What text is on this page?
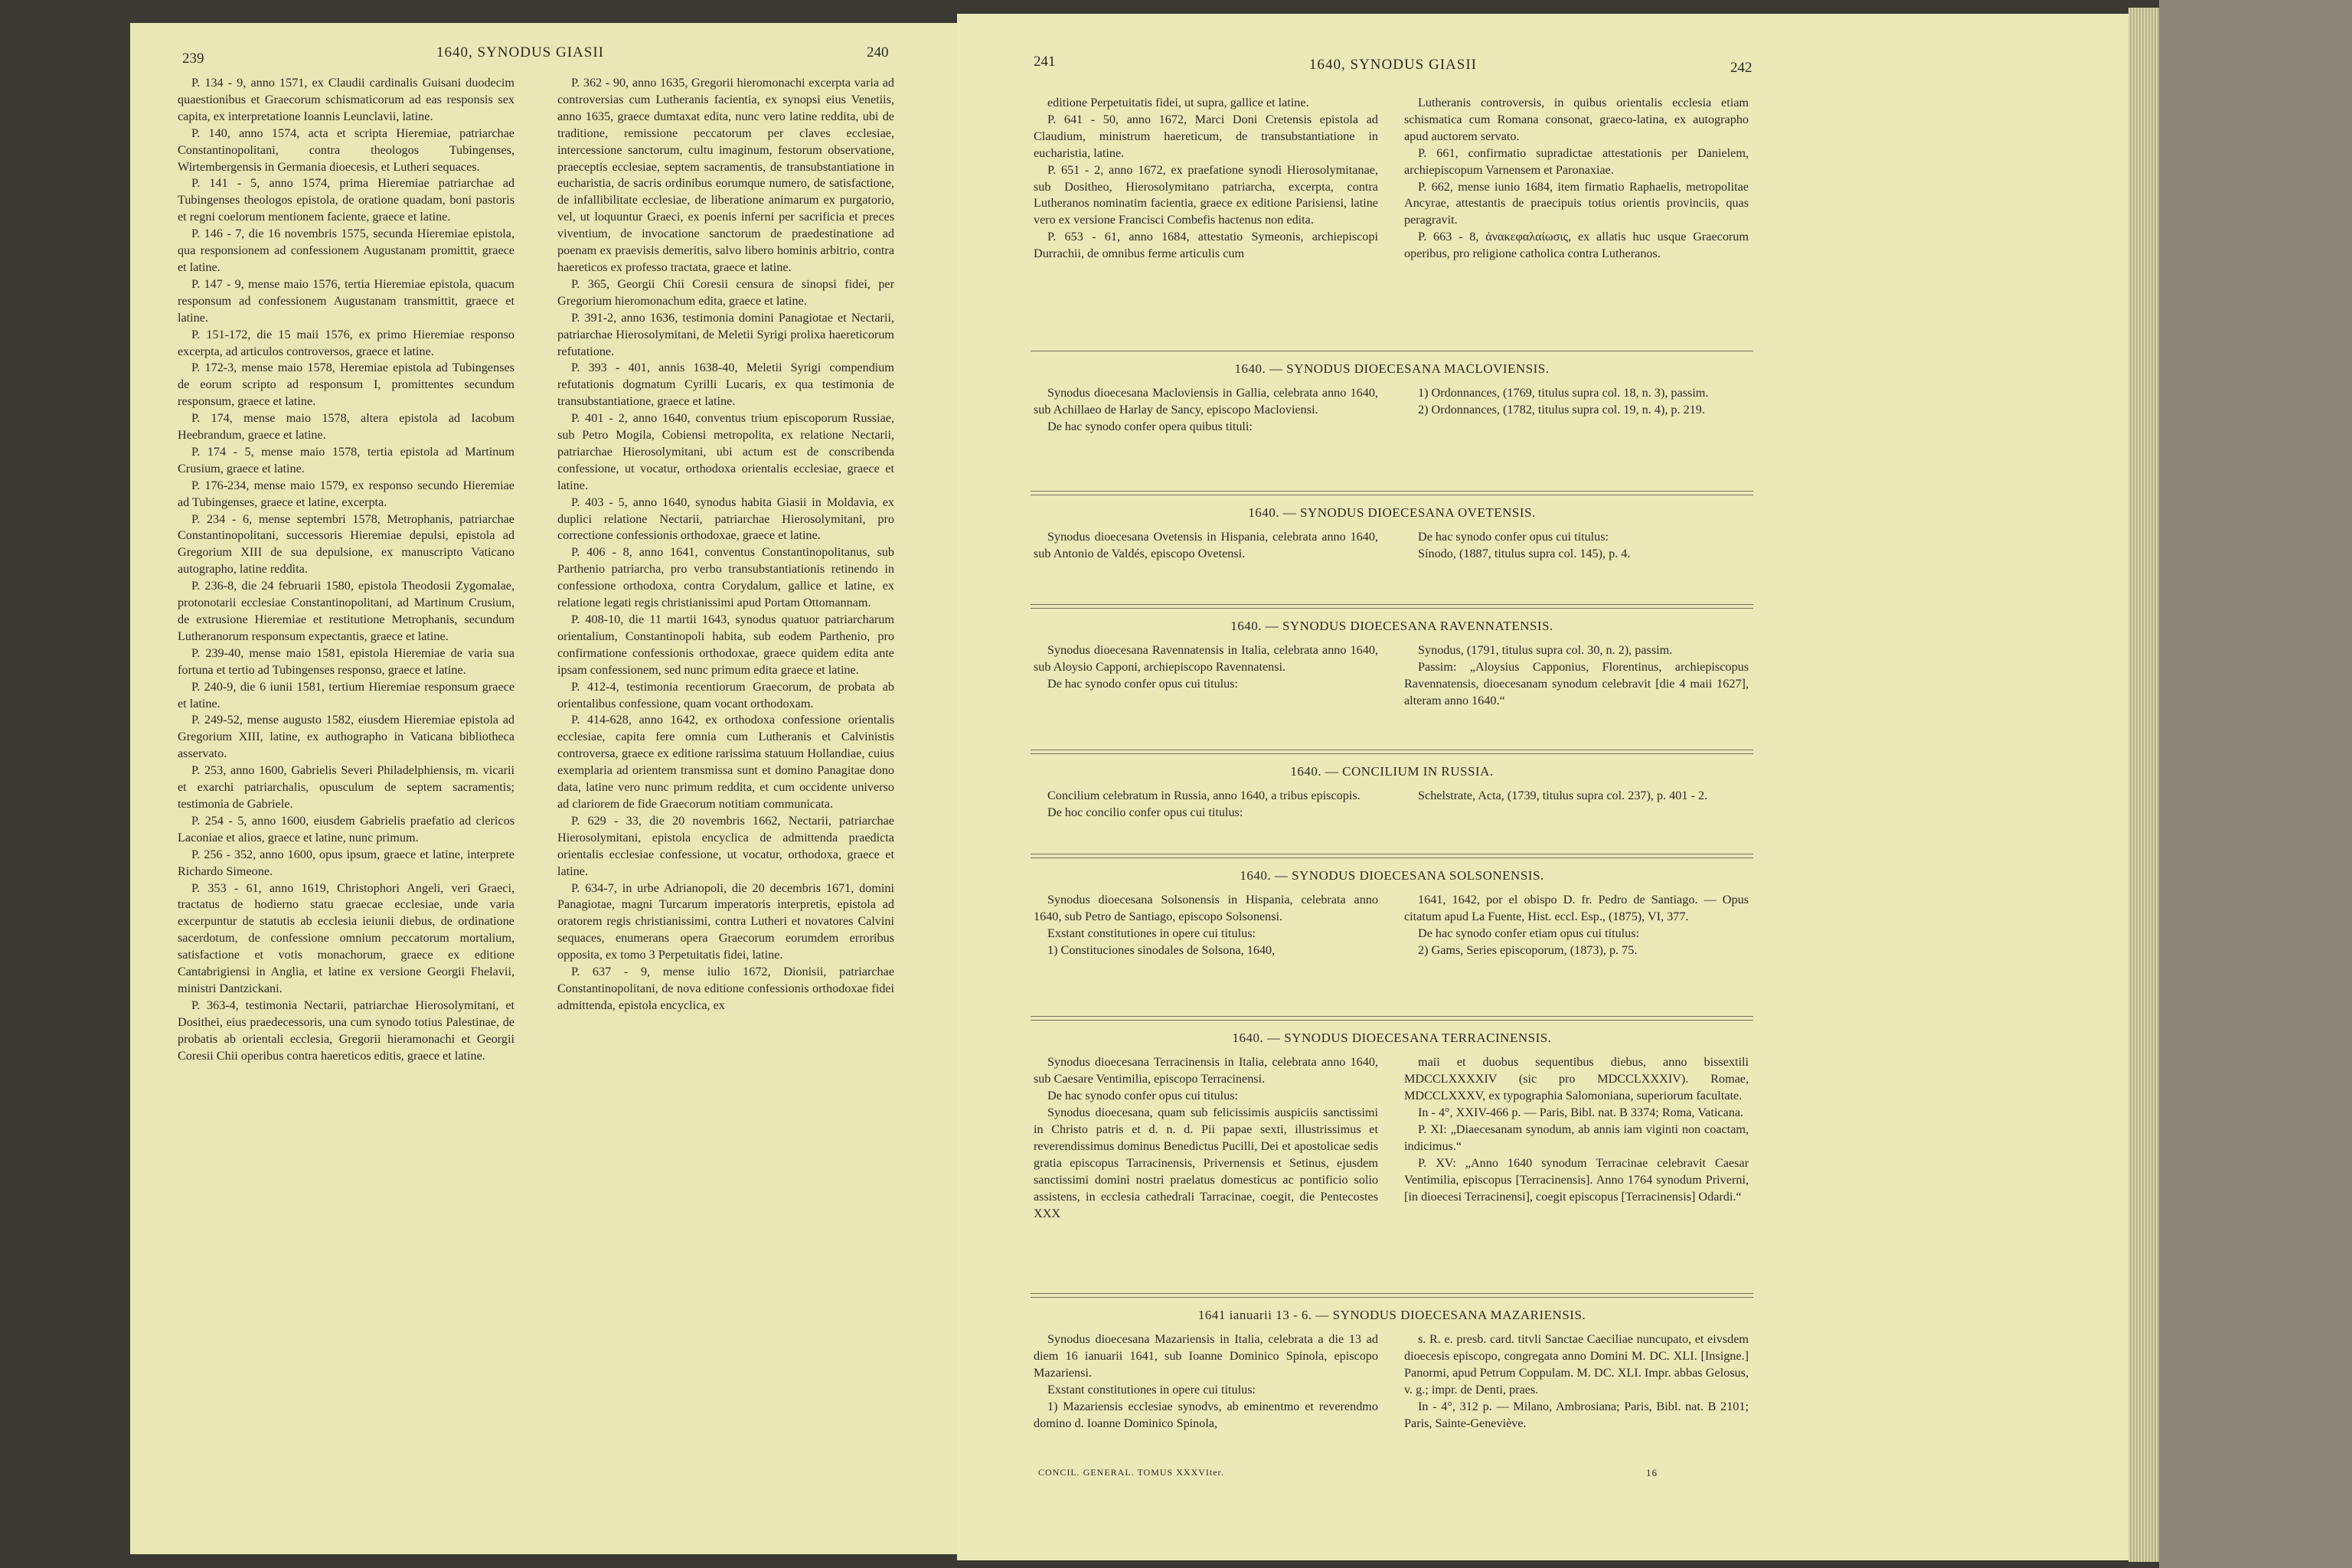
239	1640, SYNODUS GIASII	240

P. 134 - 9, anno 1571, ex Claudii cardinalis Guisani duodecim quaestionibus et Graecorum schismaticorum ad eas responsis sex capita, ex interpretatione Ioannis Leunclavii, latine.

P. 140, anno 1574, acta et scripta Hieremiae, patriarchae Constantinopolitani, contra theologos Tubingenses, Wirtembergensis in Germania dioecesis, et Lutheri sequaces.

P. 141 - 5, anno 1574, prima Hieremiae patriarchae ad Tubingenses theologos epistola, de oratione quadam, boni pastoris et regni coelorum mentionem faciente, graece et latine.

P. 146 - 7, die 16 novembris 1575, secunda Hieremiae epistola, qua responsionem ad confessionem Augustanam promittit, graece et latine.

P. 147 - 9, mense maio 1576, tertia Hieremiae epistola, quacum responsum ad confessionem Augustanam transmittit, graece et latine.

P. 151-172, die 15 maii 1576, ex primo Hieremiae responso excerpta, ad articulos controversos, graece et latine.

P. 172-3, mense maio 1578, Heremiae epistola ad Tubingenses de eorum scripto ad responsum I, promittentes secundum responsum, graece et latine.

P. 174, mense maio 1578, altera epistola ad Iacobum Heebrandum, graece et latine.

P. 174 - 5, mense maio 1578, tertia epistola ad Martinum Crusium, graece et latine.

P. 176-234, mense maio 1579, ex responso secundo Hieremiae ad Tubingenses, graece et latine, excerpta.

P. 234 - 6, mense septembri 1578, Metrophanis, patriarchae Constantinopolitani, successoris Hieremiae depulsi, epistola ad Gregorium XIII de sua depulsione, ex manuscripto Vaticano autographo, latine reddita.

P. 236-8, die 24 februarii 1580, epistola Theodosii Zygomalae, protonotarii ecclesiae Constantinopolitani, ad Martinum Crusium, de extrusione Hieremiae et restitutione Metrophanis, secundum Lutheranorum responsum expectantis, graece et latine.

P. 239-40, mense maio 1581, epistola Hieremiae de varia sua fortuna et tertio ad Tubingenses responso, graece et latine.

P. 240-9, die 6 iunii 1581, tertium Hieremiae responsum graece et latine.

P. 249-52, mense augusto 1582, eiusdem Hieremiae epistola ad Gregorium XIII, latine, ex authographo in Vaticana bibliotheca asservato.

P. 253, anno 1600, Gabrielis Severi Philadelphiensis, m. vicarii et exarchi patriarchalis, opusculum de septem sacramentis; testimonia de Gabriele.

P. 254 - 5, anno 1600, eiusdem Gabrielis praefatio ad clericos Laconiae et alios, graece et latine, nunc primum.

P. 256 - 352, anno 1600, opus ipsum, graece et latine, interprete Richardo Simeone.

P. 353 - 61, anno 1619, Christophori Angeli, veri Graeci, tractatus de hodierno statu graecae ecclesiae, unde varia excerpuntur de statutis ab ecclesia ieiunii diebus, de ordinatione sacerdotum, de confessione omnium peccatorum mortalium, satisfactione et votis monachorum, graece ex editione Cantabrigiensi in Anglia, et latine ex versione Georgii Fhelavii, ministri Dantzickani.

P. 363-4, testimonia Nectarii, patriarchae Hierosolymitani, et Dosithei, eius praedecessoris, una cum synodo totius Palestinae, de probatis ab orientali ecclesia, Gregorii hieramonachi et Georgii Coresii Chii operibus contra haereticos editis, graece et latine.

P. 362 - 90, anno 1635, Gregorii hieromonachi excerpta varia ad controversias cum Lutheranis facientia, ex synopsi eius Venetiis, anno 1635, graece dumtaxat edita, nunc vero latine reddita, ubi de traditione, remissione peccatorum per claves ecclesiae, intercessione sanctorum, cultu imaginum, festorum observatione, praeceptis ecclesiae, septem sacramentis, de transubstantiatione in eucharistia, de sacris ordinibus eorumque numero, de satisfactione, de infallibilitate ecclesiae, de liberatione animarum ex purgatorio, vel, ut loquuntur Graeci, ex poenis inferni per sacrificia et preces viventium, de invocatione sanctorum de praedestinatione ad poenam ex praevisis demeritis, salvo libero hominis arbitrio, contra haereticos ex professo tractata, graece et latine.

P. 365, Georgii Chii Coresii censura de sinopsi fidei, per Gregorium hieromonachum edita, graece et latine.

P. 391-2, anno 1636, testimonia domini Panagiotae et Nectarii, patriarchae Hierosolymitani, de Meletii Syrigi prolixa haereticorum refutatione.

P. 393 - 401, annis 1638-40, Meletii Syrigi compendium refutationis dogmatum Cyrilli Lucaris, ex qua testimonia de transubstantiatione, graece et latine.

P. 401 - 2, anno 1640, conventus trium episcoporum Russiae, sub Petro Mogila, Cobiensi metropolita, ex relatione Nectarii, patriarchae Hierosolymitani, ubi actum est de conscribenda confessione, ut vocatur, orthodoxa orientalis ecclesiae, graece et latine.

P. 403 - 5, anno 1640, synodus habita Giasii in Moldavia, ex duplici relatione Nectarii, patriarchae Hierosolymitani, pro correctione confessionis orthodoxae, graece et latine.

P. 406 - 8, anno 1641, conventus Constantinopolitanus, sub Parthenio patriarcha, pro verbo transubstantiationis retinendo in confessione orthodoxa, contra Corydalum, gallice et latine, ex relatione legati regis christianissimi apud Portam Ottomannam.

P. 408-10, die 11 martii 1643, synodus quatuor patriarcharum orientalium, Constantinopoli habita, sub eodem Parthenio, pro confirmatione confessionis orthodoxae, graece quidem edita ante ipsam confessionem, sed nunc primum edita graece et latine.

P. 412-4, testimonia recentiorum Graecorum, de probata ab orientalibus confessione, quam vocant orthodoxam.

P. 414-628, anno 1642, ex orthodoxa confessione orientalis ecclesiae, capita fere omnia cum Lutheranis et Calvinistis controversa, graece ex editione rarissima statuum Hollandiae, cuius exemplaria ad orientem transmissa sunt et domino Panagitae dono data, latine vero nunc primum reddita, et cum occidente universo ad clariorem de fide Graecorum notitiam communicata.

P. 629 - 33, die 20 novembris 1662, Nectarii, patriarchae Hierosolymitani, epistola encyclica de admittenda praedicta orientalis ecclesiae confessione, ut vocatur, orthodoxa, graece et latine.

P. 634-7, in urbe Adrianopoli, die 20 decembris 1671, domini Panagiotae, magni Turcarum imperatoris interpretis, epistola ad oratorem regis christianissimi, contra Lutheri et novatores Calvini sequaces, enumerans opera Graecorum eorumdem erroribus opposita, ex tomo 3 Perpetuitatis fidei, latine.

P. 637 - 9, mense iulio 1672, Dionisii, patriarchae Constantinopolitani, de nova editione confessionis orthodoxae fidei admittenda, epistola encyclica, ex

241	1640, SYNODUS GIASII	242

editione Perpetuitatis fidei, ut supra, gallice et latine.

P. 641 - 50, anno 1672, Marci Doni Cretensis epistola ad Claudium, ministrum haereticum, de transubstantiatione in eucharistia, latine.

P. 651 - 2, anno 1672, ex praefatione synodi Hierosolymitanae, sub Dositheo, Hierosolymitano patriarcha, excerpta, contra Lutheranos nominatim facientia, graece ex editione Parisiensi, latine vero ex versione Francisci Combefis hactenus non edita.

P. 653 - 61, anno 1684, attestatio Symeonis, archiepiscopi Durrachii, de omnibus ferme articulis cum

Lutheranis controversis, in quibus orientalis ecclesia etiam schismatica cum Romana consonat, graeco-latina, ex autographo apud auctorem servato.

P. 661, confirmatio supradictae attestationis per Danielem, archiepiscopum Varnensem et Paronaxiae.

P. 662, mense iunio 1684, item firmatio Raphaelis, metropolitae Ancyrae, attestantis de praecipuis totius orientis provinciis, quas peragravit.

P. 663 - 8, ἀνακεφαλαίωσις, ex allatis huc usque Graecorum operibus, pro religione catholica contra Lutheranos.

1640. — SYNODUS DIOECESANA MACLOVIENSIS.

Synodus dioecesana Macloviensis in Gallia, celebrata anno 1640, sub Achillaeo de Harlay de Sancy, episcopo Macloviensi.

De hac synodo confer opera quibus tituli:

1) Ordonnances, (1769, titulus supra col. 18, n. 3), passim.

2) Ordonnances, (1782, titulus supra col. 19, n. 4), p. 219.

1640. — SYNODUS DIOECESANA OVETENSIS.

Synodus dioecesana Ovetensis in Hispania, celebrata anno 1640, sub Antonio de Valdés, episcopo Ovetensi.

De hac synodo confer opus cui titulus:

Sínodo, (1887, titulus supra col. 145), p. 4.

1640. — SYNODUS DIOECESANA RAVENNATENSIS.

Synodus dioecesana Ravennatensis in Italia, celebrata anno 1640, sub Aloysio Capponi, archiepiscopo Ravennatensi.

De hac synodo confer opus cui titulus:

Synodus, (1791, titulus supra col. 30, n. 2), passim.

Passim: „Aloysius Capponius, Florentinus, archiepiscopus Ravennatensis, dioecesanam synodum celebravit [die 4 maii 1627], alteram anno 1640.“

1640. — CONCILIUM IN RUSSIA.

Concilium celebratum in Russia, anno 1640, a tribus episcopis.

De hoc concilio confer opus cui titulus:

Schelstrate, Acta, (1739, titulus supra col. 237), p. 401 - 2.

1640. — SYNODUS DIOECESANA SOLSONENSIS.

Synodus dioecesana Solsonensis in Hispania, celebrata anno 1640, sub Petro de Santiago, episcopo Solsonensi.

Exstant constitutiones in opere cui titulus:

1) Constituciones sinodales de Solsona, 1640,

1641, 1642, por el obispo D. fr. Pedro de Santiago. — Opus citatum apud La Fuente, Hist. eccl. Esp., (1875), VI, 377.

De hac synodo confer etiam opus cui titulus:

2) Gams, Series episcoporum, (1873), p. 75.

1640. — SYNODUS DIOECESANA TERRACINENSIS.

Synodus dioecesana Terracinensis in Italia, celebrata anno 1640, sub Caesare Ventimilia, episcopo Terracinensi.

De hac synodo confer opus cui titulus:

Synodus dioecesana, quam sub felicissimis auspiciis sanctissimi in Christo patris et d. n. d. Pii papae sexti, illustrissimus et reverendissimus dominus Benedictus Pucilli, Dei et apostolicae sedis gratia episcopus Tarracinensis, Privernensis et Setinus, ejusdem sanctissimi domini nostri praelatus domesticus ac pontificio solio assistens, in ecclesia cathedrali Tarracinae, coegit, die Pentecostes XXX

maii et duobus sequentibus diebus, anno bissextili MDCCLXXXXIV (sic pro MDCCLXXXIV). Romae, MDCCLXXXV, ex typographia Salomoniana, superiorum facultate.

In - 4°, XXIV-466 p. — Paris, Bibl. nat. B 3374; Roma, Vaticana.

P. XI: „Diaecesanam synodum, ab annis iam viginti non coactam, indicimus.“

P. XV: „Anno 1640 synodum Terracinae celebravit Caesar Ventimilia, episcopus [Terracinensis]. Anno 1764 synodum Priverni, [in dioecesi Terracinensi], coegit episcopus [Terracinensis] Odardi.“

1641 ianuarii 13 - 6. — SYNODUS DIOECESANA MAZARIENSIS.

Synodus dioecesana Mazariensis in Italia, celebrata a die 13 ad diem 16 ianuarii 1641, sub Ioanne Dominico Spinola, episcopo Mazariensi.

Exstant constitutiones in opere cui titulus:

1) Mazariensis ecclesiae synodvs, ab eminentmo et reverendmo domino d. Ioanne Dominico Spinola,

s. R. e. presb. card. titvli Sanctae Caeciliae nuncupato, et eivsdem dioecesis episcopo, congregata anno Domini M. DC. XLI. [Insigne.] Panormi, apud Petrum Coppulam. M. DC. XLI. Impr. abbas Gelosus, v. g.; impr. de Denti, praes.

In - 4°, 312 p. — Milano, Ambrosiana; Paris, Bibl. nat. B 2101; Paris, Sainte-Geneviève.

CONCIL. GENERAL. TOMUS XXXVIter.	16
